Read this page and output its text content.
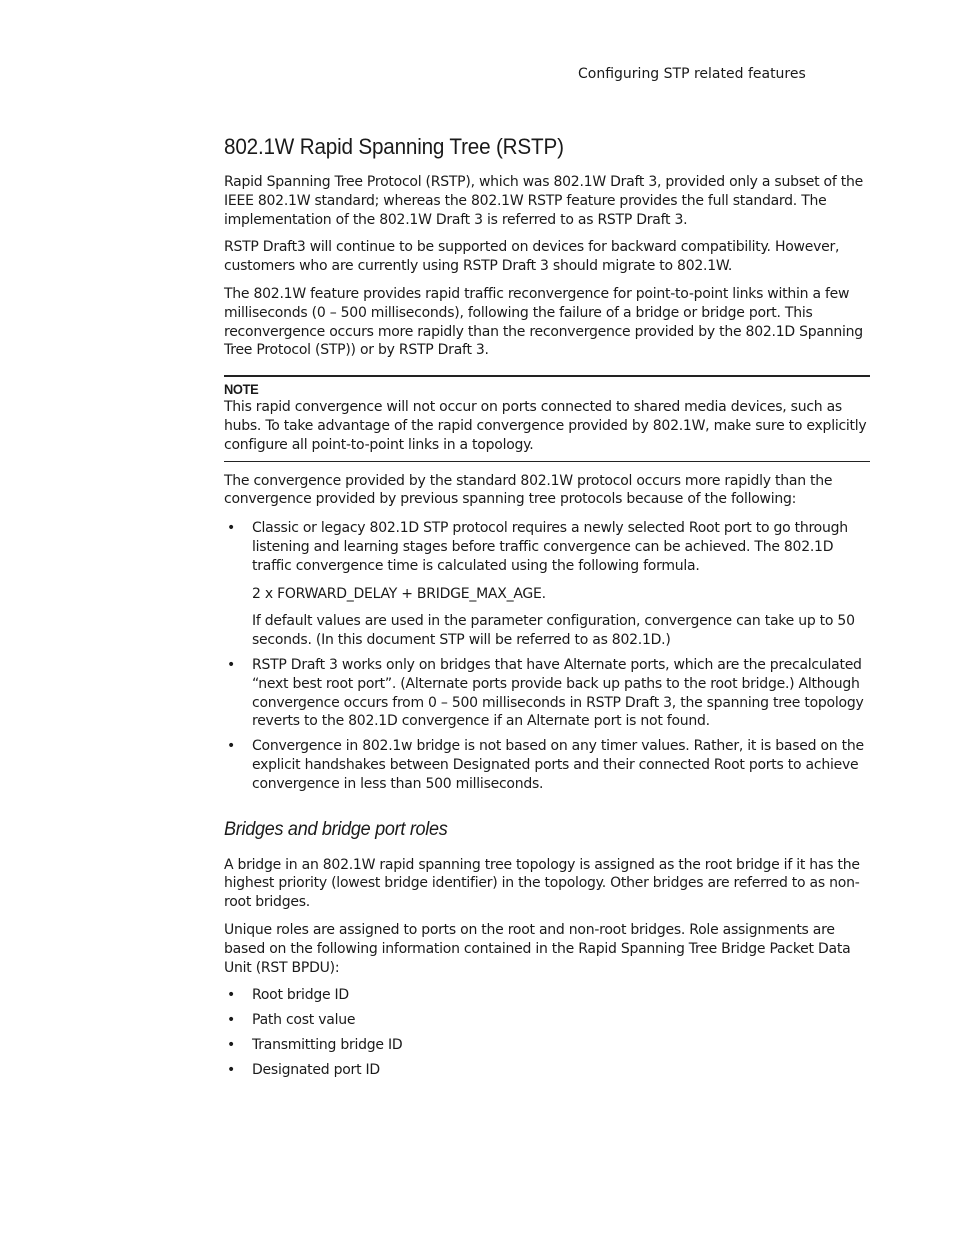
Configuring STP related features
802.1W Rapid Spanning Tree (RSTP)

Rapid Spanning Tree Protocol (RSTP), which was 802.1W Draft 3, provided only a subset of the IEEE 802.1W standard; whereas the 802.1W RSTP feature provides the full standard. The implementation of the 802.1W Draft 3 is referred to as RSTP Draft 3.

RSTP Draft3 will continue to be supported on devices for backward compatibility. However, customers who are currently using RSTP Draft 3 should migrate to 802.1W.

The 802.1W feature provides rapid traffic reconvergence for point-to-point links within a few milliseconds (0 – 500 milliseconds), following the failure of a bridge or bridge port. This reconvergence occurs more rapidly than the reconvergence provided by the 802.1D Spanning Tree Protocol (STP)) or by RSTP Draft 3.

NOTE

This rapid convergence will not occur on ports connected to shared media devices, such as hubs. To take advantage of the rapid convergence provided by 802.1W, make sure to explicitly configure all point-to-point links in a topology.

The convergence provided by the standard 802.1W protocol occurs more rapidly than the convergence provided by previous spanning tree protocols because of the following:

• Classic or legacy 802.1D STP protocol requires a newly selected Root port to go through listening and learning stages before traffic convergence can be achieved. The 802.1D traffic convergence time is calculated using the following formula.

2 x FORWARD_DELAY + BRIDGE_MAX_AGE.

If default values are used in the parameter configuration, convergence can take up to 50 seconds. (In this document STP will be referred to as 802.1D.)

• RSTP Draft 3 works only on bridges that have Alternate ports, which are the precalculated “next best root port”. (Alternate ports provide back up paths to the root bridge.) Although convergence occurs from 0 – 500 milliseconds in RSTP Draft 3, the spanning tree topology reverts to the 802.1D convergence if an Alternate port is not found.

• Convergence in 802.1w bridge is not based on any timer values. Rather, it is based on the explicit handshakes between Designated ports and their connected Root ports to achieve convergence in less than 500 milliseconds.

Bridges and bridge port roles

A bridge in an 802.1W rapid spanning tree topology is assigned as the root bridge if it has the highest priority (lowest bridge identifier) in the topology. Other bridges are referred to as non-root bridges.

Unique roles are assigned to ports on the root and non-root bridges. Role assignments are based on the following information contained in the Rapid Spanning Tree Bridge Packet Data Unit (RST BPDU):

• Root bridge ID
• Path cost value
• Transmitting bridge ID
• Designated port ID
